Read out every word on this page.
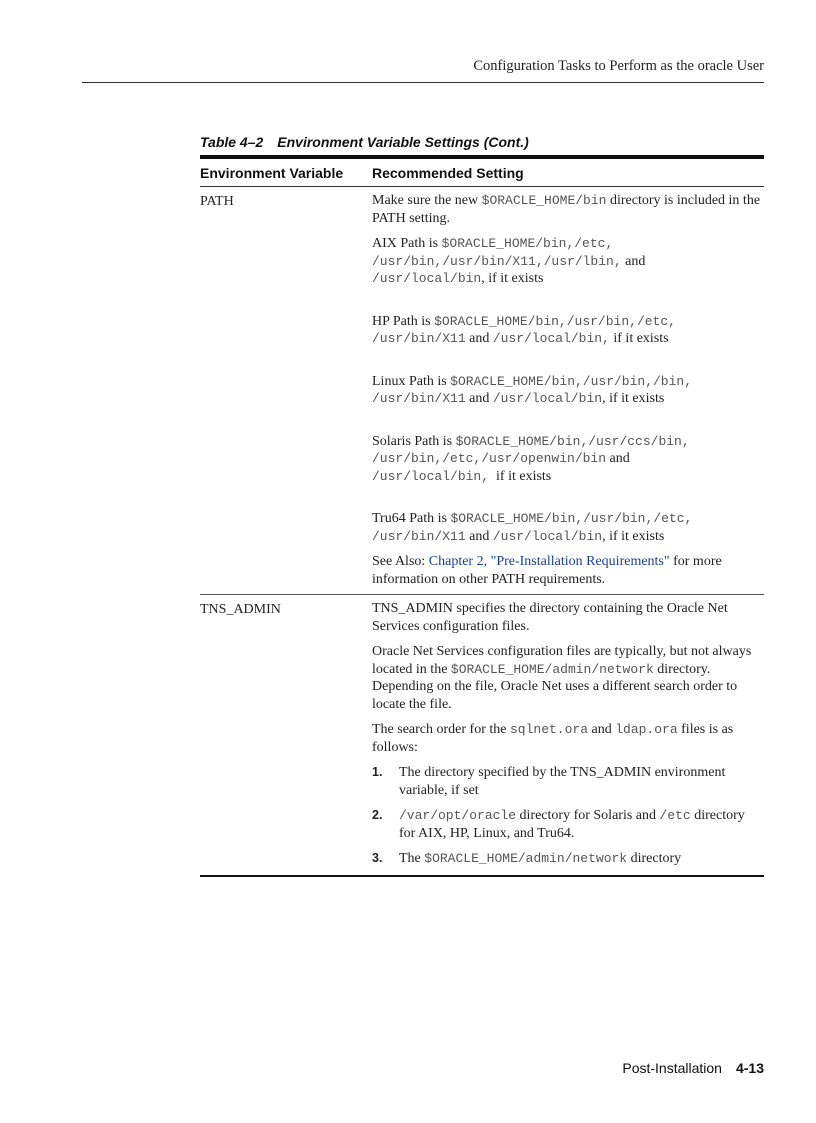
Configuration Tasks to Perform as the oracle User
Table 4–2 Environment Variable Settings (Cont.)
Environment Variable	Recommended Setting
PATH	Make sure the new $ORACLE_HOME/bin directory is included in the PATH setting.

AIX Path is $ORACLE_HOME/bin,/etc,
/usr/bin,/usr/bin/X11,/usr/lbin, and
/usr/local/bin, if it exists

HP Path is $ORACLE_HOME/bin,/usr/bin,/etc,
/usr/bin/X11 and /usr/local/bin, if it exists

Linux Path is $ORACLE_HOME/bin,/usr/bin,/bin,
/usr/bin/X11 and /usr/local/bin, if it exists

Solaris Path is $ORACLE_HOME/bin,/usr/ccs/bin,
/usr/bin,/etc,/usr/openwin/bin and
/usr/local/bin,  if it exists

Tru64 Path is $ORACLE_HOME/bin,/usr/bin,/etc,
/usr/bin/X11 and /usr/local/bin, if it exists

See Also: Chapter 2, "Pre-Installation Requirements" for more information on other PATH requirements.

TNS_ADMIN	TNS_ADMIN specifies the directory containing the Oracle Net Services configuration files.

Oracle Net Services configuration files are typically, but not always located in the $ORACLE_HOME/admin/network directory. Depending on the file, Oracle Net uses a different search order to locate the file.

The search order for the sqlnet.ora and ldap.ora files is as follows:

1.	The directory specified by the TNS_ADMIN environment variable, if set
2.	/var/opt/oracle directory for Solaris and /etc directory for AIX, HP, Linux, and Tru64.
3.	The $ORACLE_HOME/admin/network directory
Post-Installation 4-13
